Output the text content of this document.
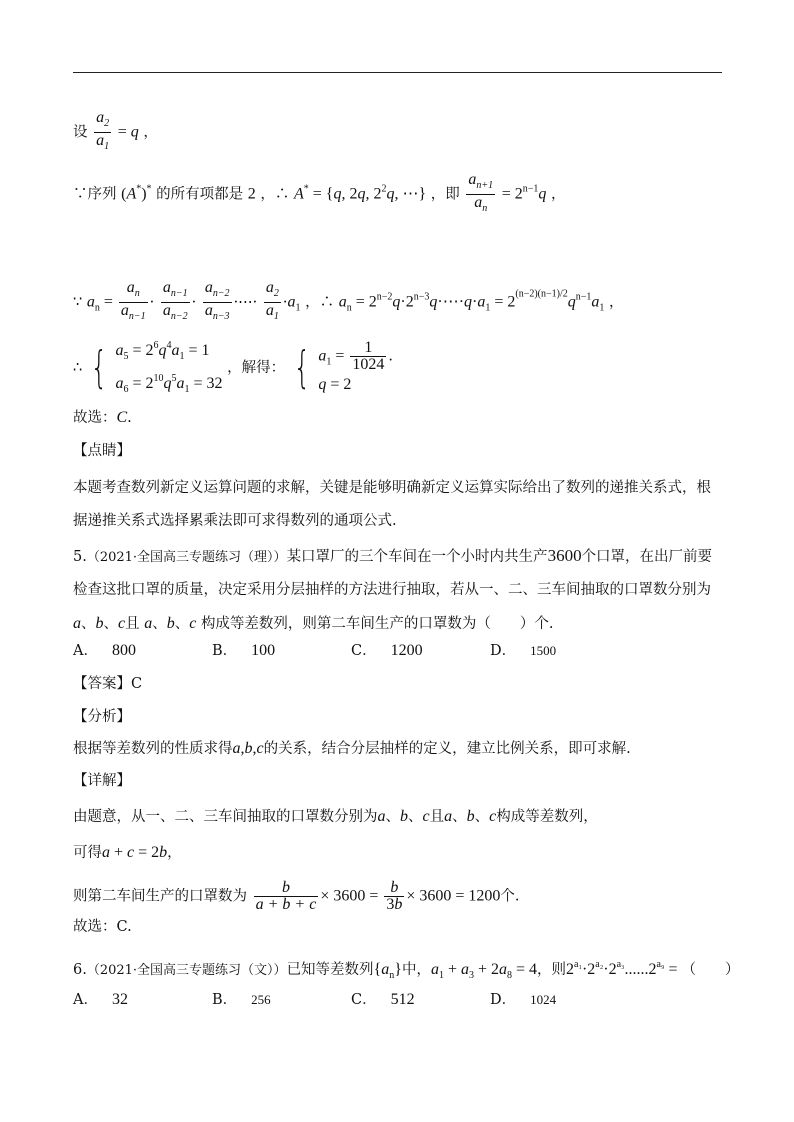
设 $\frac{a_2}{a_1} = q$ ，
∵序列 (A*)* 的所有项都是 2 ，∴ A* = {q, 2q, $2^2q$, ⋯} ，即 $\frac{a_{n+1}}{a_n} = 2^{n-1}q$ ，
∵ $a_n = \frac{a_n}{a_{n-1}} \cdot \frac{a_{n-1}}{a_{n-2}} \cdot \frac{a_{n-2}}{a_{n-3}}$ ·⋯· $\frac{a_2}{a_1} \cdot a_1$ ，∴ $a_n$ = $2^{n-2}q\cdot 2^{n-3}q\cdot\cdots\cdot q\cdot a_1 = 2^{(n-2)(n-1)/2}q^{n-1}a_1$ ，
∴ { $a_5 = 2^6q^4a_1 = 1$
$a_6 = 2^{10}q^5a_1 = 32$
，解得： { $a_1 = \frac{1}{1024}$ .
q = 2
故选：C.
【点睛】
本题考查数列新定义运算问题的求解，关键是能够明确新定义运算实际给出了数列的递推关系式，根据递推关系式选择累乘法即可求得数列的通项公式.
5.（2021·全国高三专题练习（理））某口罩厂的三个车间在一个小时内共生产3600个口罩，在出厂前要检查这批口罩的质量，决定采用分层抽样的方法进行抽取，若从一、二、三车间抽取的口罩数分别为a、b、c且 a、b、c 构成等差数列，则第二车间生产的口罩数为（　　）个.
A． 800	B． 100	C． 1200	D． 1500
【答案】C
【分析】
根据等差数列的性质求得a,b,c的关系，结合分层抽样的定义，建立比例关系，即可求解.
【详解】
由题意，从一、二、三车间抽取的口罩数分别为a、b、c且a、b、c构成等差数列，
可得a + c = 2b，
则第二车间生产的口罩数为 $\frac{b}{a + b + c} \times 3600 = \frac{b}{3b} \times 3600 = 1200$个.
故选：C.
6.（2021·全国高三专题练习（文））已知等差数列$\{a_n\}$中，$a_1 + a_3 + 2a_8 = 4$，则$2^{a_1}\cdot 2^{a_2}\cdot 2^{a_3}......2^{a_9}$ = （　　）
A． 32	B． 256	C． 512	D． 1024
